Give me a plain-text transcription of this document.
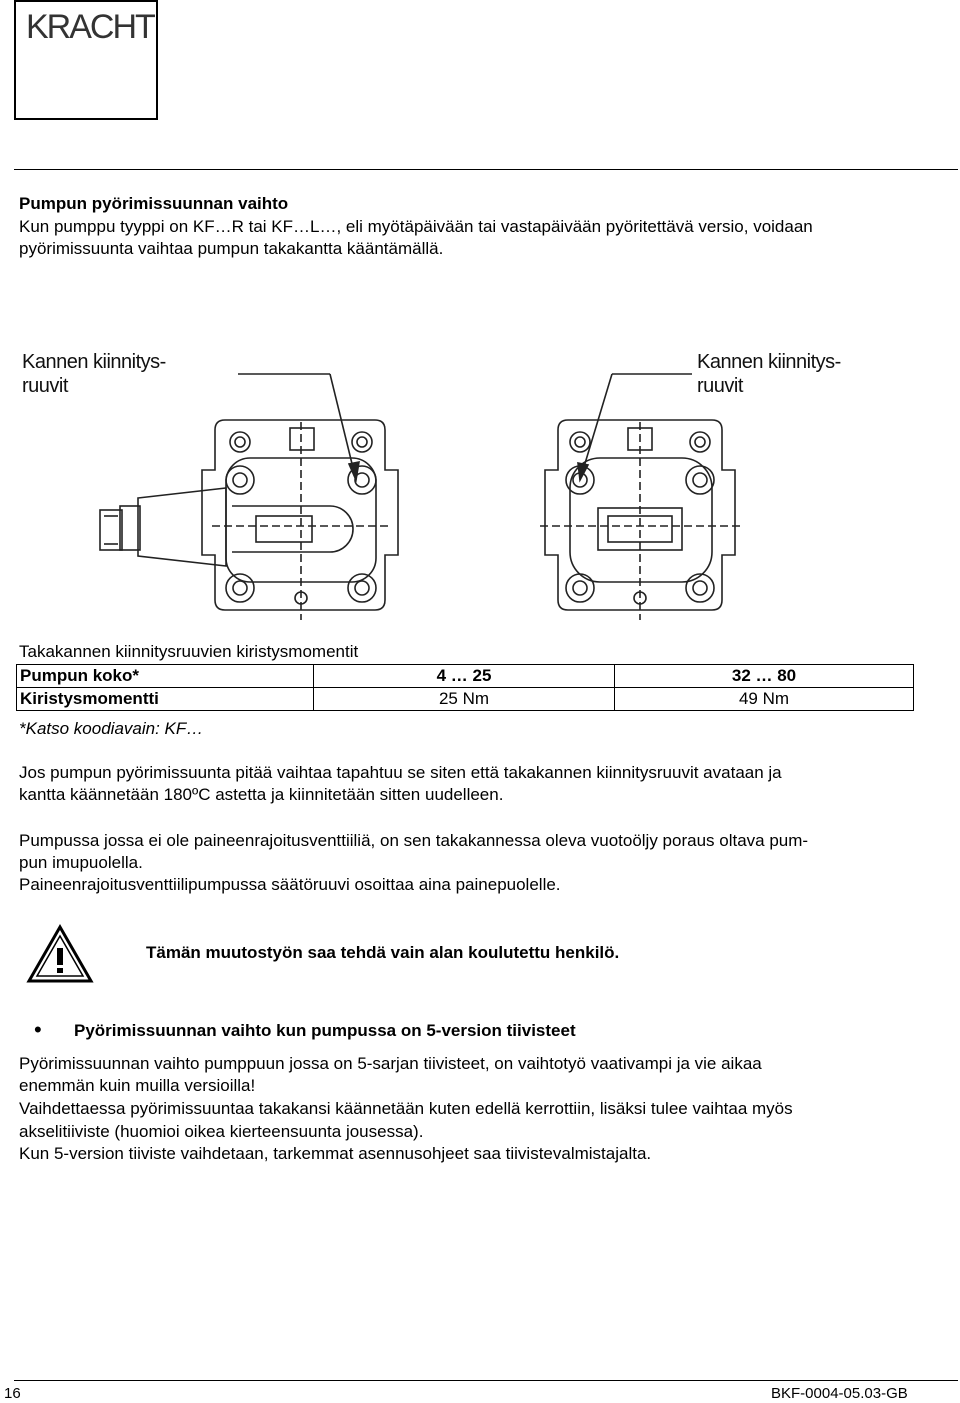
KRACHT
Pumpun pyörimissuunnan vaihto
Kun pumppu tyyppi on KF…R tai KF…L…, eli myötäpäivään tai vastapäivään pyöritettävä versio, voidaan
pyörimissuunta vaihtaa pumpun takakantta kääntämällä.
Kannen kiinnitys-
ruuvit
Kannen kiinnitys-
ruuvit
Takakannen kiinnitysruuvien kiristysmomentit
Pumpun koko*	4 … 25	32 … 80
Kiristysmomentti	25 Nm	49 Nm
*Katso koodiavain: KF…
Jos pumpun pyörimissuunta pitää vaihtaa tapahtuu se siten että takakannen kiinnitysruuvit avataan ja
kantta käännetään 180ºC astetta ja kiinnitetään sitten uudelleen.
Pumpussa jossa ei ole paineenrajoitusventtiiliä, on sen takakannessa oleva vuotoöljy poraus oltava pum-
pun imupuolella.
Paineenrajoitusventtiilipumpussa säätöruuvi osoittaa aina painepuolelle.
Tämän muutostyön saa tehdä vain alan koulutettu henkilö.
• Pyörimissuunnan vaihto kun pumpussa on 5-version tiivisteet
Pyörimissuunnan vaihto pumppuun jossa on 5-sarjan tiivisteet, on vaihtotyö vaativampi ja vie aikaa
enemmän kuin muilla versioilla!
Vaihdettaessa pyörimissuuntaa takakansi käännetään kuten edellä kerrottiin, lisäksi tulee vaihtaa myös
akselitiiviste (huomioi oikea kierteensuunta jousessa).
Kun 5-version tiiviste vaihdetaan, tarkemmat asennusohjeet saa tiivistevalmistajalta.
16	BKF-0004-05.03-GB
